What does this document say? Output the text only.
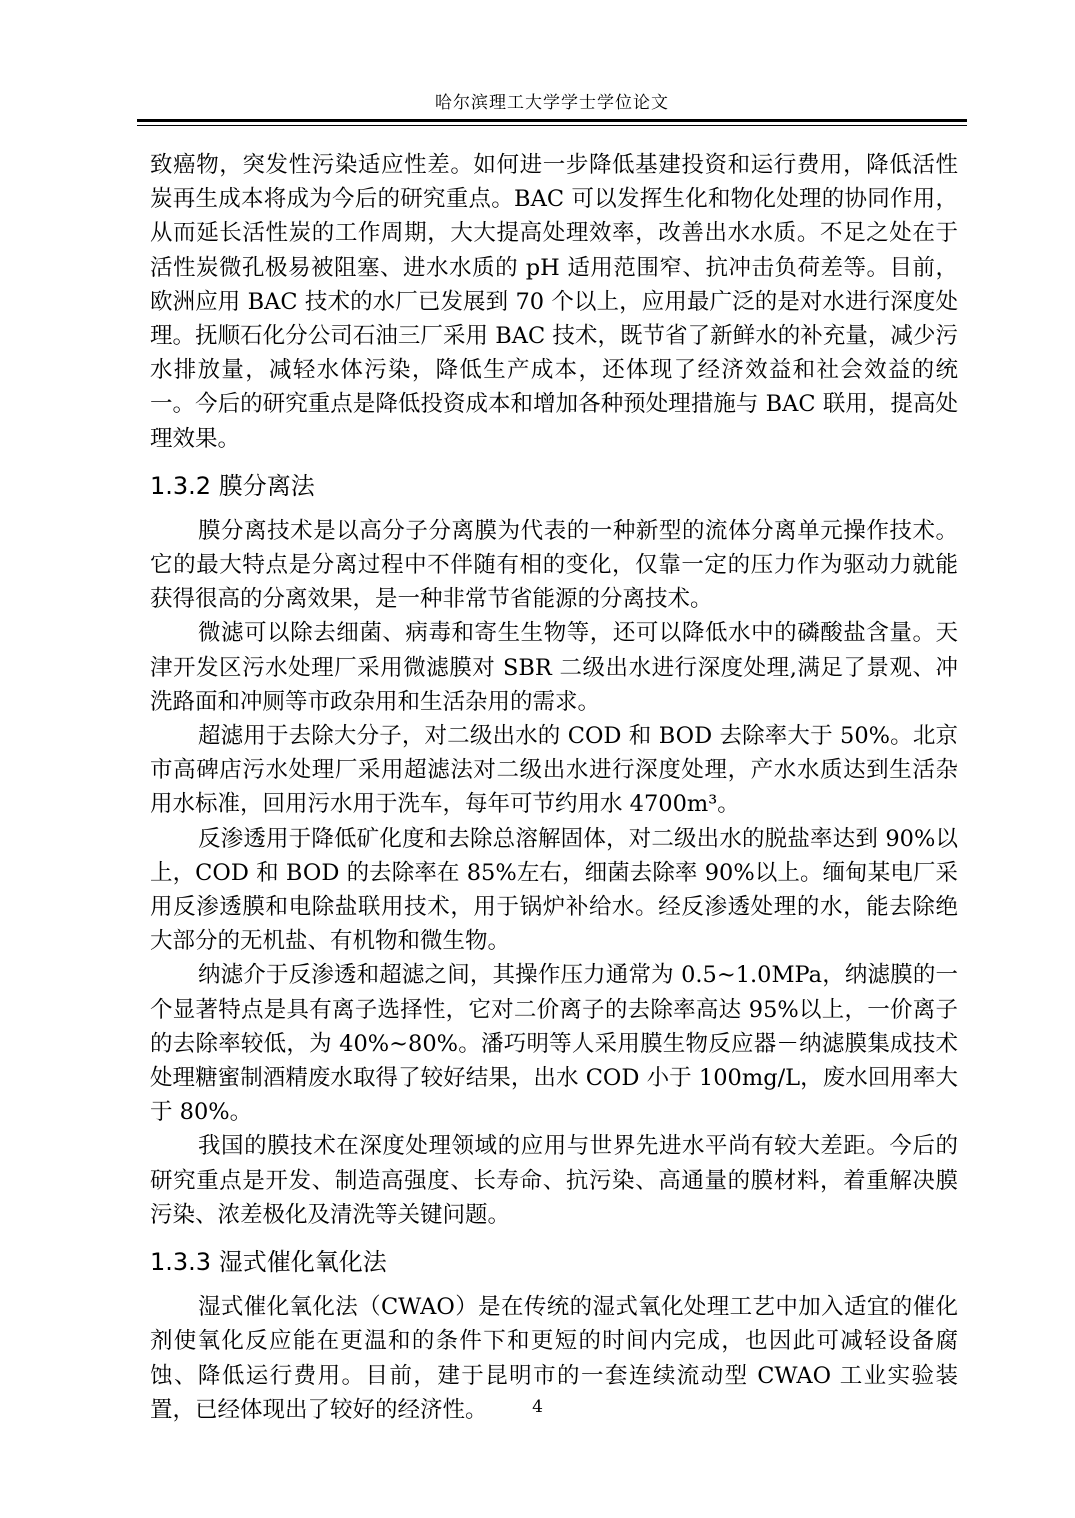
哈尔滨理工大学学士学位论文

致癌物，突发性污染适应性差。如何进一步降低基建投资和运行费用，降低活性炭再生成本将成为今后的研究重点。BAC 可以发挥生化和物化处理的协同作用，从而延长活性炭的工作周期，大大提高处理效率，改善出水水质。不足之处在于活性炭微孔极易被阻塞、进水水质的 pH 适用范围窄、抗冲击负荷差等。目前，欧洲应用 BAC 技术的水厂已发展到 70 个以上，应用最广泛的是对水进行深度处理。抚顺石化分公司石油三厂采用 BAC 技术，既节省了新鲜水的补充量，减少污水排放量，减轻水体污染，降低生产成本，还体现了经济效益和社会效益的统一。今后的研究重点是降低投资成本和增加各种预处理措施与 BAC 联用，提高处理效果。

1.3.2 膜分离法

膜分离技术是以高分子分离膜为代表的一种新型的流体分离单元操作技术。它的最大特点是分离过程中不伴随有相的变化，仅靠一定的压力作为驱动力就能获得很高的分离效果，是一种非常节省能源的分离技术。

微滤可以除去细菌、病毒和寄生生物等，还可以降低水中的磷酸盐含量。天津开发区污水处理厂采用微滤膜对 SBR 二级出水进行深度处理,满足了景观、冲洗路面和冲厕等市政杂用和生活杂用的需求。

超滤用于去除大分子，对二级出水的 COD 和 BOD 去除率大于 50%。北京市高碑店污水处理厂采用超滤法对二级出水进行深度处理，产水水质达到生活杂用水标准，回用污水用于洗车，每年可节约用水 4700m³。

反渗透用于降低矿化度和去除总溶解固体，对二级出水的脱盐率达到 90%以上，COD 和 BOD 的去除率在 85%左右，细菌去除率 90%以上。缅甸某电厂采用反渗透膜和电除盐联用技术，用于锅炉补给水。经反渗透处理的水，能去除绝大部分的无机盐、有机物和微生物。

纳滤介于反渗透和超滤之间，其操作压力通常为 0.5~1.0MPa，纳滤膜的一个显著特点是具有离子选择性，它对二价离子的去除率高达 95%以上，一价离子的去除率较低，为 40%~80%。潘巧明等人采用膜生物反应器－纳滤膜集成技术处理糖蜜制酒精废水取得了较好结果，出水 COD 小于 100mg/L，废水回用率大于 80%。

我国的膜技术在深度处理领域的应用与世界先进水平尚有较大差距。今后的研究重点是开发、制造高强度、长寿命、抗污染、高通量的膜材料，着重解决膜污染、浓差极化及清洗等关键问题。

1.3.3 湿式催化氧化法

湿式催化氧化法（CWAO）是在传统的湿式氧化处理工艺中加入适宜的催化剂使氧化反应能在更温和的条件下和更短的时间内完成，也因此可减轻设备腐蚀、降低运行费用。目前，建于昆明市的一套连续流动型 CWAO 工业实验装置，已经体现出了较好的经济性。	4
